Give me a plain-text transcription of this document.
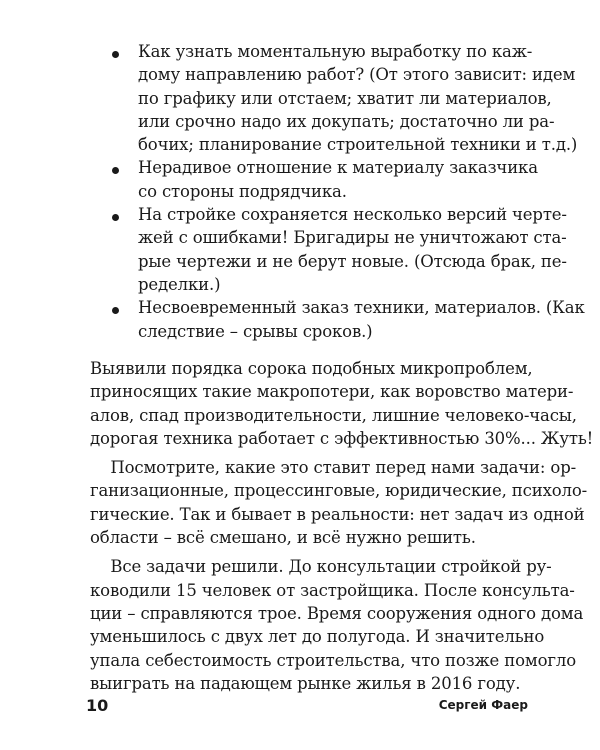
Как узнать моментальную выработку по каж-
дому направлению работ? (От этого зависит: идем
по графику или отстаем; хватит ли материалов,
или срочно надо их докупать; достаточно ли ра-
бочих; планирование строительной техники и т.д.)
Нерадивое отношение к материалу заказчика
со стороны подрядчика.
На стройке сохраняется несколько версий черте-
жей с ошибками! Бригадиры не уничтожают ста-
рые чертежи и не берут новые. (Отсюда брак, пе-
ределки.)
Несвоевременный заказ техники, материалов. (Как
следствие – срывы сроков.)

Выявили порядка сорока подобных микропроблем,
приносящих такие макропотери, как воровство матери-
алов, спад производительности, лишние человеко-часы,
дорогая техника работает с эффективностью 30%... Жуть!

Посмотрите, какие это ставит перед нами задачи: ор-
ганизационные, процессинговые, юридические, психоло-
гические. Так и бывает в реальности: нет задач из одной
области – всё смешано, и всё нужно решить.

Все задачи решили. До консультации стройкой ру-
ководили 15 человек от застройщика. После консульта-
ции – справляются трое. Время сооружения одного дома
уменьшилось с двух лет до полугода. И значительно
упала себестоимость строительства, что позже помогло
выиграть на падающем рынке жилья в 2016 году.

10	Сергей Фаер
